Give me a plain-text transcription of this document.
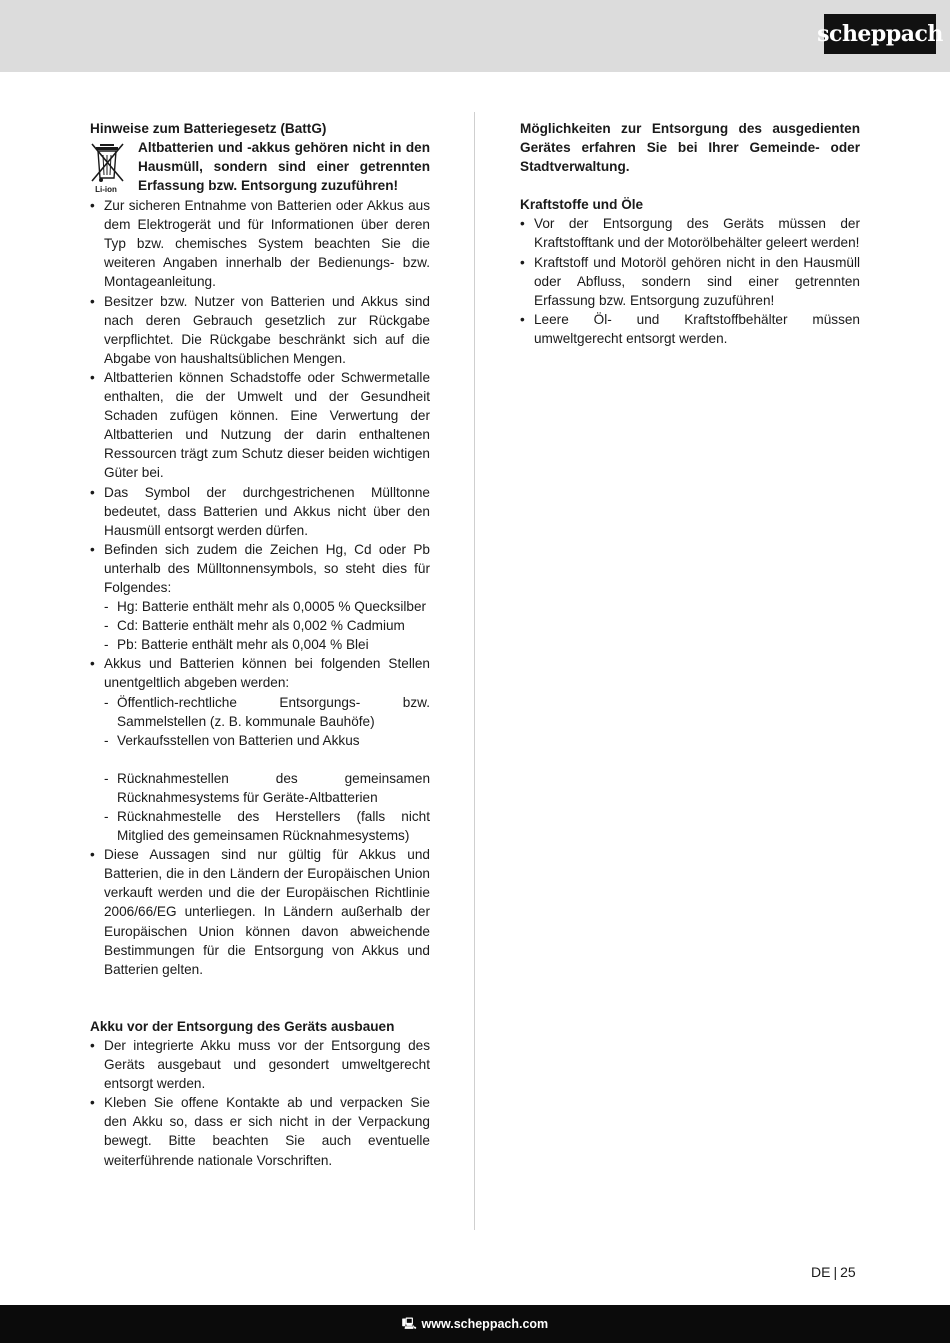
scheppach

Hinweise zum Batteriegesetz (BattG)

Li-ion
Altbatterien und -akkus gehören nicht in den Hausmüll, sondern sind einer getrennten Erfassung bzw. Entsorgung zuzuführen!
• Zur sicheren Entnahme von Batterien oder Akkus aus dem Elektrogerät und für Informationen über deren Typ bzw. chemisches System beachten Sie die weiteren Angaben innerhalb der Bedienungs- bzw. Montageanleitung.
• Besitzer bzw. Nutzer von Batterien und Akkus sind nach deren Gebrauch gesetzlich zur Rückgabe verpflichtet. Die Rückgabe beschränkt sich auf die Abgabe von haushaltsüblichen Mengen.
• Altbatterien können Schadstoffe oder Schwermetalle enthalten, die der Umwelt und der Gesundheit Schaden zufügen können. Eine Verwertung der Altbatterien und Nutzung der darin enthaltenen Ressourcen trägt zum Schutz dieser beiden wichtigen Güter bei.
• Das Symbol der durchgestrichenen Mülltonne bedeutet, dass Batterien und Akkus nicht über den Hausmüll entsorgt werden dürfen.
• Befinden sich zudem die Zeichen Hg, Cd oder Pb unterhalb des Mülltonnensymbols, so steht dies für Folgendes:
- Hg: Batterie enthält mehr als 0,0005 % Quecksilber
- Cd: Batterie enthält mehr als 0,002 % Cadmium
- Pb: Batterie enthält mehr als 0,004 % Blei
• Akkus und Batterien können bei folgenden Stellen unentgeltlich abgeben werden:
- Öffentlich-rechtliche Entsorgungs- bzw. Sammelstellen (z. B. kommunale Bauhöfe)
- Verkaufsstellen von Batterien und Akkus
- Rücknahmestellen des gemeinsamen Rücknahmesystems für Geräte-Altbatterien
- Rücknahmestelle des Herstellers (falls nicht Mitglied des gemeinsamen Rücknahmesystems)
• Diese Aussagen sind nur gültig für Akkus und Batterien, die in den Ländern der Europäischen Union verkauft werden und die der Europäischen Richtlinie 2006/66/EG unterliegen. In Ländern außerhalb der Europäischen Union können davon abweichende Bestimmungen für die Entsorgung von Akkus und Batterien gelten.

Akku vor der Entsorgung des Geräts ausbauen

• Der integrierte Akku muss vor der Entsorgung des Geräts ausgebaut und gesondert umweltgerecht entsorgt werden.
• Kleben Sie offene Kontakte ab und verpacken Sie den Akku so, dass er sich nicht in der Verpackung bewegt. Bitte beachten Sie auch eventuelle weiterführende nationale Vorschriften.

Möglichkeiten zur Entsorgung des ausgedienten Gerätes erfahren Sie bei Ihrer Gemeinde- oder Stadtverwaltung.

Kraftstoffe und Öle

• Vor der Entsorgung des Geräts müssen der Kraftstofftank und der Motorölbehälter geleert werden!
• Kraftstoff und Motoröl gehören nicht in den Hausmüll oder Abfluss, sondern sind einer getrennten Erfassung bzw. Entsorgung zuzuführen!
• Leere Öl- und Kraftstoffbehälter müssen umweltgerecht entsorgt werden.
DE | 25
🖳 www.scheppach.com
